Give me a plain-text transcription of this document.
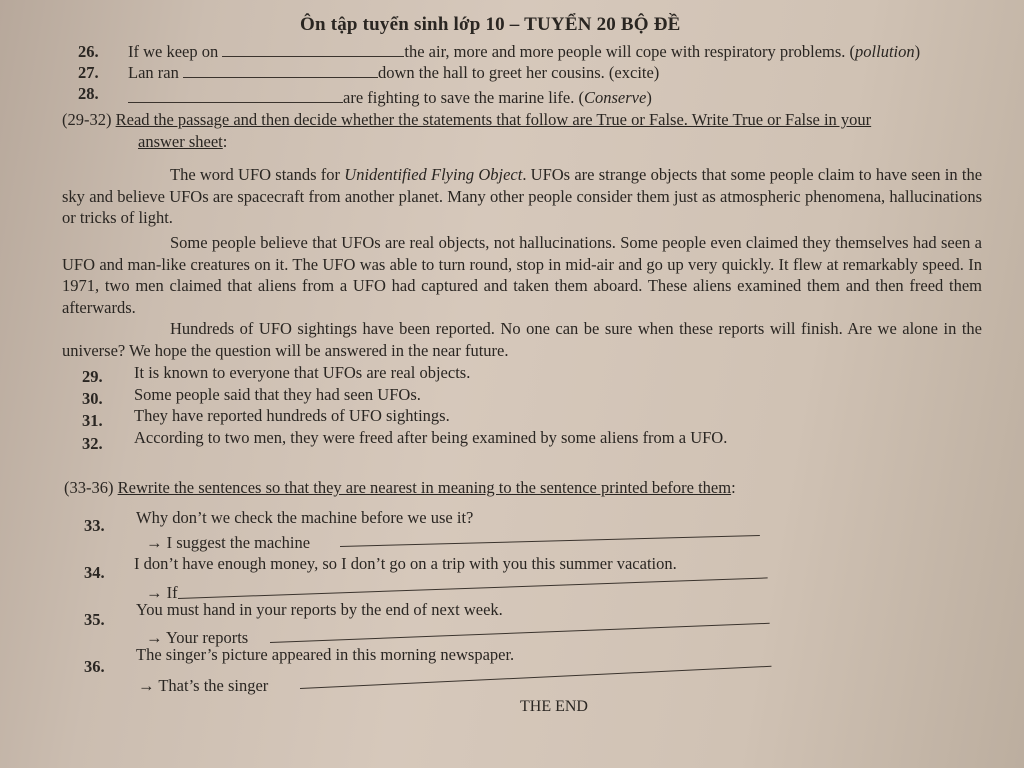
Ôn tập tuyển sinh lớp 10 – TUYỂN 20 BỘ ĐỀ
26. If we keep on	the air, more and more people will cope with respiratory problems. (pollution)
27. Lan ran	down the hall to greet her cousins. (excite)
28.	are fighting to save the marine life. (Conserve)
(29-32) Read the passage and then decide whether the statements that follow are True or False. Write True or False in your
answer sheet:
The word UFO stands for Unidentified Flying Object. UFOs are strange objects that some people claim to have seen in the sky and believe UFOs are spacecraft from another planet. Many other people consider them just as atmospheric phenomena, hallucinations or tricks of light.
Some people believe that UFOs are real objects, not hallucinations. Some people even claimed they themselves had seen a UFO and man-like creatures on it. The UFO was able to turn round, stop in mid-air and go up very quickly. It flew at remarkably speed. In 1971, two men claimed that aliens from a UFO had captured and taken them aboard. These aliens examined them and then freed them afterwards.
Hundreds of UFO sightings have been reported. No one can be sure when these reports will finish. Are we alone in the universe? We hope the question will be answered in the near future.
29. It is known to everyone that UFOs are real objects.
30. Some people said that they had seen UFOs.
31. They have reported hundreds of UFO sightings.
32. According to two men, they were freed after being examined by some aliens from a UFO.
(33-36) Rewrite the sentences so that they are nearest in meaning to the sentence printed before them:
33. Why don’t we check the machine before we use it?
→ I suggest the machine
34. I don’t have enough money, so I don’t go on a trip with you this summer vacation.
→ If
35.
You must hand in your reports by the end of next week.
→ Your reports
36.
The singer’s picture appeared in this morning newspaper.
→ That’s the singer
THE END
